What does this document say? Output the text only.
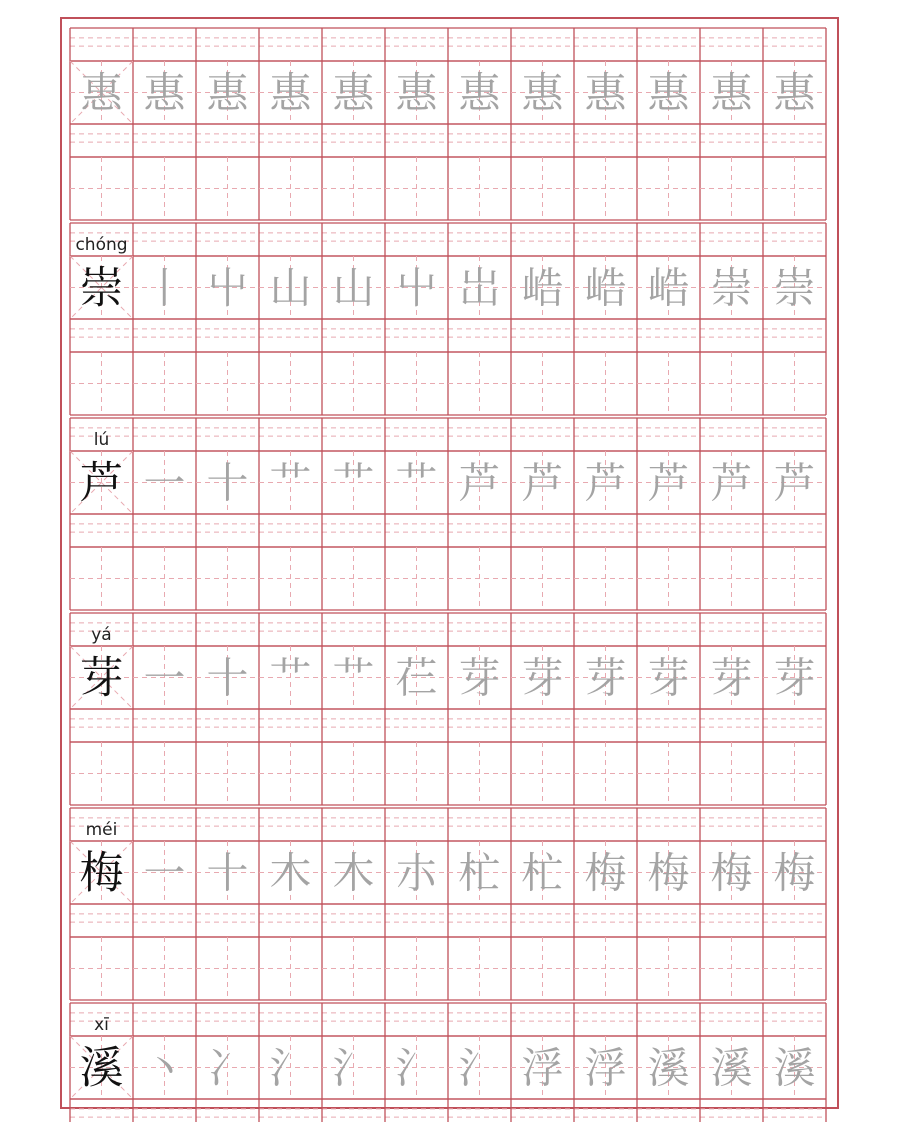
惠 惠 惠 惠 惠 惠 惠 惠 惠 惠 惠 惠
chóng
崇 丨 屮 山 山 屮 岀 峼 峼 峼 崇 崇
lú
芦 一 十 艹 艹 艹 芦 芦 芦 芦 芦 芦
yá
芽 一 十 艹 艹 芢 芽 芽 芽 芽 芽 芽
méi
梅 一 十 木 木 朩 杧 杧 梅 梅 梅 梅
xī
溪 丶 冫 氵 氵 氵 氵 浮 浮 溪 溪 溪
